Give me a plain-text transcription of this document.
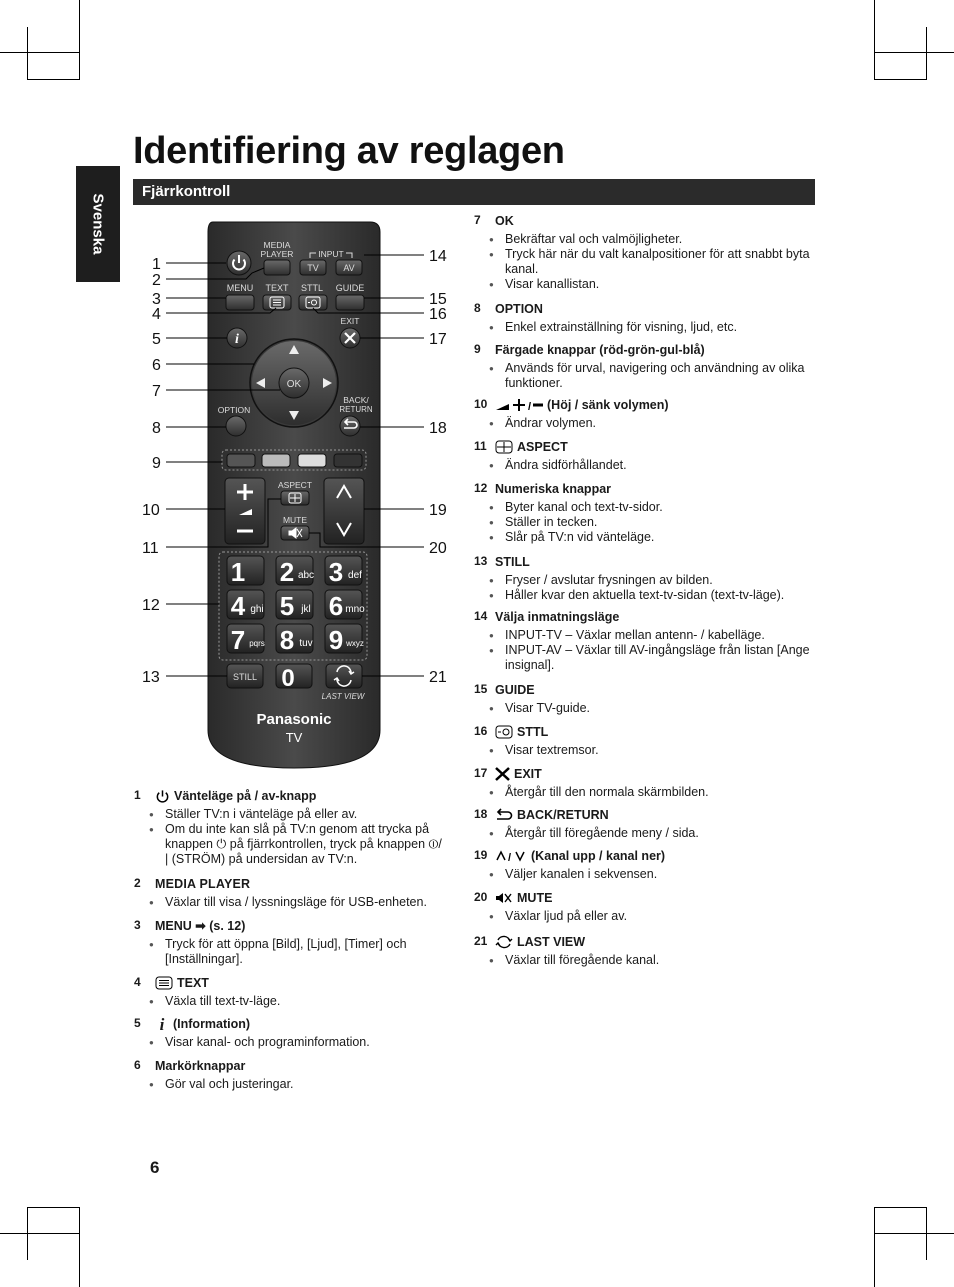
Svenska
Identifiering av reglagen
Fjärrkontroll
MEDIA
PLAYER	INPUT
TV	AV
MENU TEXT STTL GUIDE
i
EXIT
OK
OPTION
BACK/
RETURN
ASPECT
MUTE
1 2 abc 3 def
4 ghi 5 jkl 6 mno
7 pqrs 8 tuv 9 wxyz
STILL 0
LAST VIEW
Panasonic
TV
1
2
3
4
5
6
7
8
9
10
11
12
13
14
15
16
17
18
19
20
21
1	Vänteläge på / av-knapp
● Ställer TV:n i vänteläge på eller av.
● Om du inte kan slå på TV:n genom att trycka på knappen ⏻ på fjärrkontrollen, tryck på knappen ⏼/ | (STRÖM) på undersidan av TV:n.
2 MEDIA PLAYER
● Växlar till visa / lyssningsläge för USB-enheten.
3 MENU ➡ (s. 12)
● Tryck för att öppna [Bild], [Ljud], [Timer] och [Inställningar].
4	TEXT
● Växla till text-tv-läge.
5 i (Information)
● Visar kanal- och programinformation.
6 Markörknappar
● Gör val och justeringar.
7 OK
● Bekräftar val och valmöjligheter.
● Tryck här när du valt kanalpositioner för att snabbt byta kanal.
● Visar kanallistan.
8 OPTION
● Enkel extrainställning för visning, ljud, etc.
9 Färgade knappar (röd-grön-gul-blå)
● Används för urval, navigering och användning av olika funktioner.
10	/ (Höj / sänk volymen)
● Ändrar volymen.
11 ASPECT
● Ändra sidförhållandet.
12 Numeriska knappar
● Byter kanal och text-tv-sidor.
● Ställer in tecken.
● Slår på TV:n vid vänteläge.
13 STILL
● Fryser / avslutar frysningen av bilden.
● Håller kvar den aktuella text-tv-sidan (text-tv-läge).
14 Välja inmatningsläge
● INPUT-TV – Växlar mellan antenn- / kabelläge.
● INPUT-AV – Växlar till AV-ingångsläge från listan [Ange insignal].
15 GUIDE
● Visar TV-guide.
16 STTL
● Visar textremsor.
17 EXIT
● Återgår till den normala skärmbilden.
18 BACK/RETURN
● Återgår till föregående meny / sida.
19 / (Kanal upp / kanal ner)
● Väljer kanalen i sekvensen.
20 MUTE
● Växlar ljud på eller av.
21 LAST VIEW
● Växlar till föregående kanal.
6
